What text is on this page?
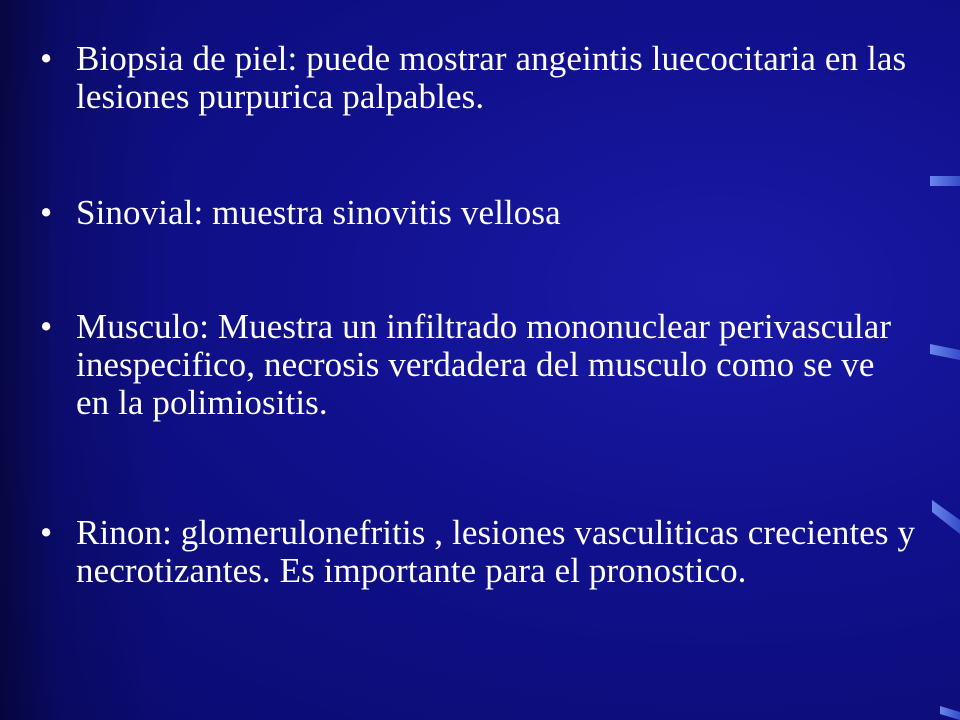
• Biopsia de piel: puede mostrar angeintis luecocitaria en las lesiones purpurica palpables.
• Sinovial: muestra sinovitis vellosa
• Musculo: Muestra un infiltrado mononuclear perivascular inespecifico, necrosis verdadera del musculo como se ve en la polimiositis.
• Rinon: glomerulonefritis , lesiones vasculiticas crecientes y necrotizantes. Es importante para el pronostico.
